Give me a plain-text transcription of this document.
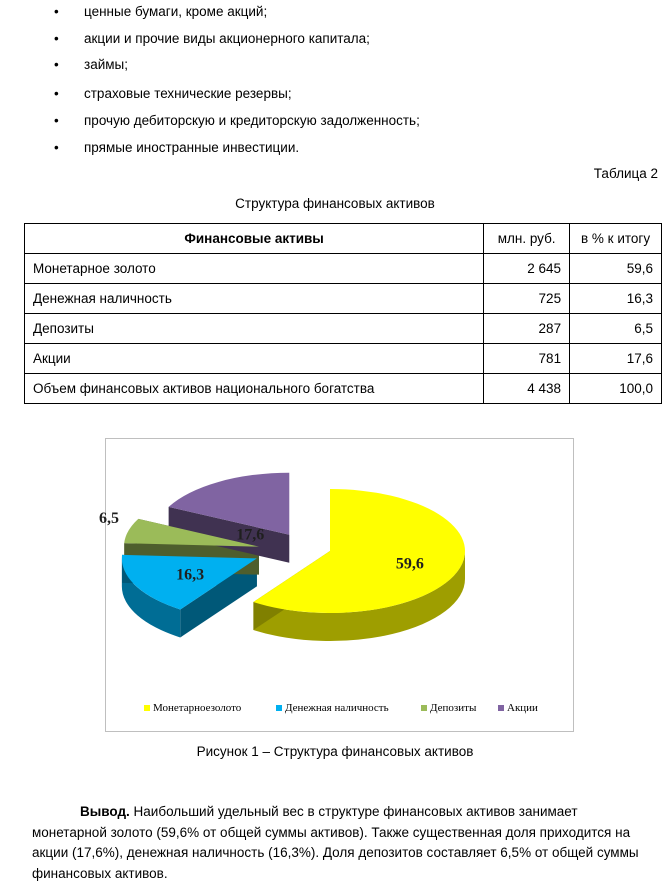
ценные бумаги, кроме акций;
акции и прочие виды акционерного капитала;
займы;
страховые технические резервы;
прочую дебиторскую и кредиторскую задолженность;
прямые иностранные инвестиции.
Таблица 2
Структура финансовых активов
Финансовые активы	млн. руб.	в % к итогу
Монетарное золото	2 645	59,6
Денежная наличность	725	16,3
Депозиты	287	6,5
Акции	781	17,6
Объем финансовых активов национального богатства	4 438	100,0
59,6
16,3
6,5
17,6
Монетарноезолото	Денежная наличность	Депозиты	Акции
Рисунок 1 – Структура финансовых активов
Вывод. Наибольший удельный вес в структуре финансовых активов занимает монетарной золото (59,6% от общей суммы активов). Также существенная доля приходится на акции (17,6%), денежная наличность (16,3%). Доля депозитов составляет 6,5% от общей суммы финансовых активов.
